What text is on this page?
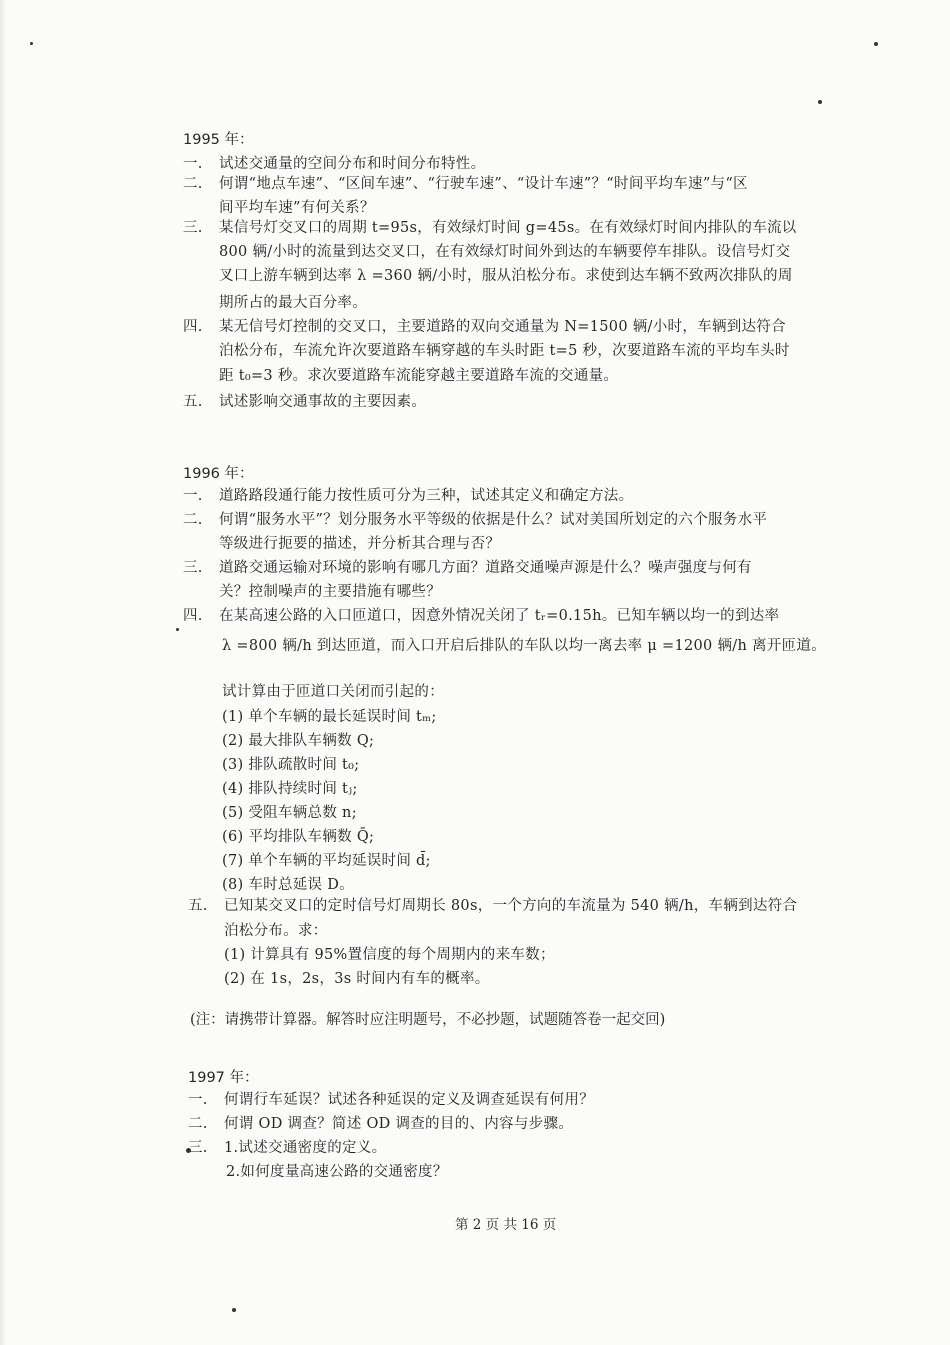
1995 年：
一. 试述交通量的空间分布和时间分布特性。
二. 何谓“地点车速”、“区间车速”、“行驶车速”、“设计车速”？“时间平均车速”与“区
间平均车速”有何关系？
三. 某信号灯交叉口的周期 t=95s，有效绿灯时间 g=45s。在有效绿灯时间内排队的车流以
800 辆/小时的流量到达交叉口，在有效绿灯时间外到达的车辆要停车排队。设信号灯交
叉口上游车辆到达率 λ =360 辆/小时，服从泊松分布。求使到达车辆不致两次排队的周
期所占的最大百分率。
四. 某无信号灯控制的交叉口，主要道路的双向交通量为 N=1500 辆/小时，车辆到达符合
泊松分布，车流允许次要道路车辆穿越的车头时距 t=5 秒，次要道路车流的平均车头时
距 t₀=3 秒。求次要道路车流能穿越主要道路车流的交通量。
五. 试述影响交通事故的主要因素。
1996 年：
一. 道路路段通行能力按性质可分为三种，试述其定义和确定方法。
二. 何谓“服务水平”？划分服务水平等级的依据是什么？试对美国所划定的六个服务水平
等级进行扼要的描述，并分析其合理与否？
三. 道路交通运输对环境的影响有哪几方面？道路交通噪声源是什么？噪声强度与何有
关？控制噪声的主要措施有哪些？
四. 在某高速公路的入口匝道口，因意外情况关闭了 tᵣ=0.15h。已知车辆以均一的到达率
λ =800 辆/h 到达匝道，而入口开启后排队的车队以均一离去率 μ =1200 辆/h 离开匝道。
试计算由于匝道口关闭而引起的：
(1) 单个车辆的最长延误时间 tₘ;
(2) 最大排队车辆数 Q;
(3) 排队疏散时间 t₀;
(4) 排队持续时间 tⱼ;
(5) 受阻车辆总数 n;
(6) 平均排队车辆数 Q̄;
(7) 单个车辆的平均延误时间 d̄;
(8) 车时总延误 D。
五. 已知某交叉口的定时信号灯周期长 80s，一个方向的车流量为 540 辆/h，车辆到达符合
泊松分布。求：
(1) 计算具有 95%置信度的每个周期内的来车数；
(2) 在 1s，2s，3s 时间内有车的概率。
(注：请携带计算器。解答时应注明题号，不必抄题，试题随答卷一起交回)
1997 年：
一. 何谓行车延误？试述各种延误的定义及调查延误有何用？
二. 何谓 OD 调查？简述 OD 调查的目的、内容与步骤。
三. 1.试述交通密度的定义。
2.如何度量高速公路的交通密度？
第 2 页 共 16 页
